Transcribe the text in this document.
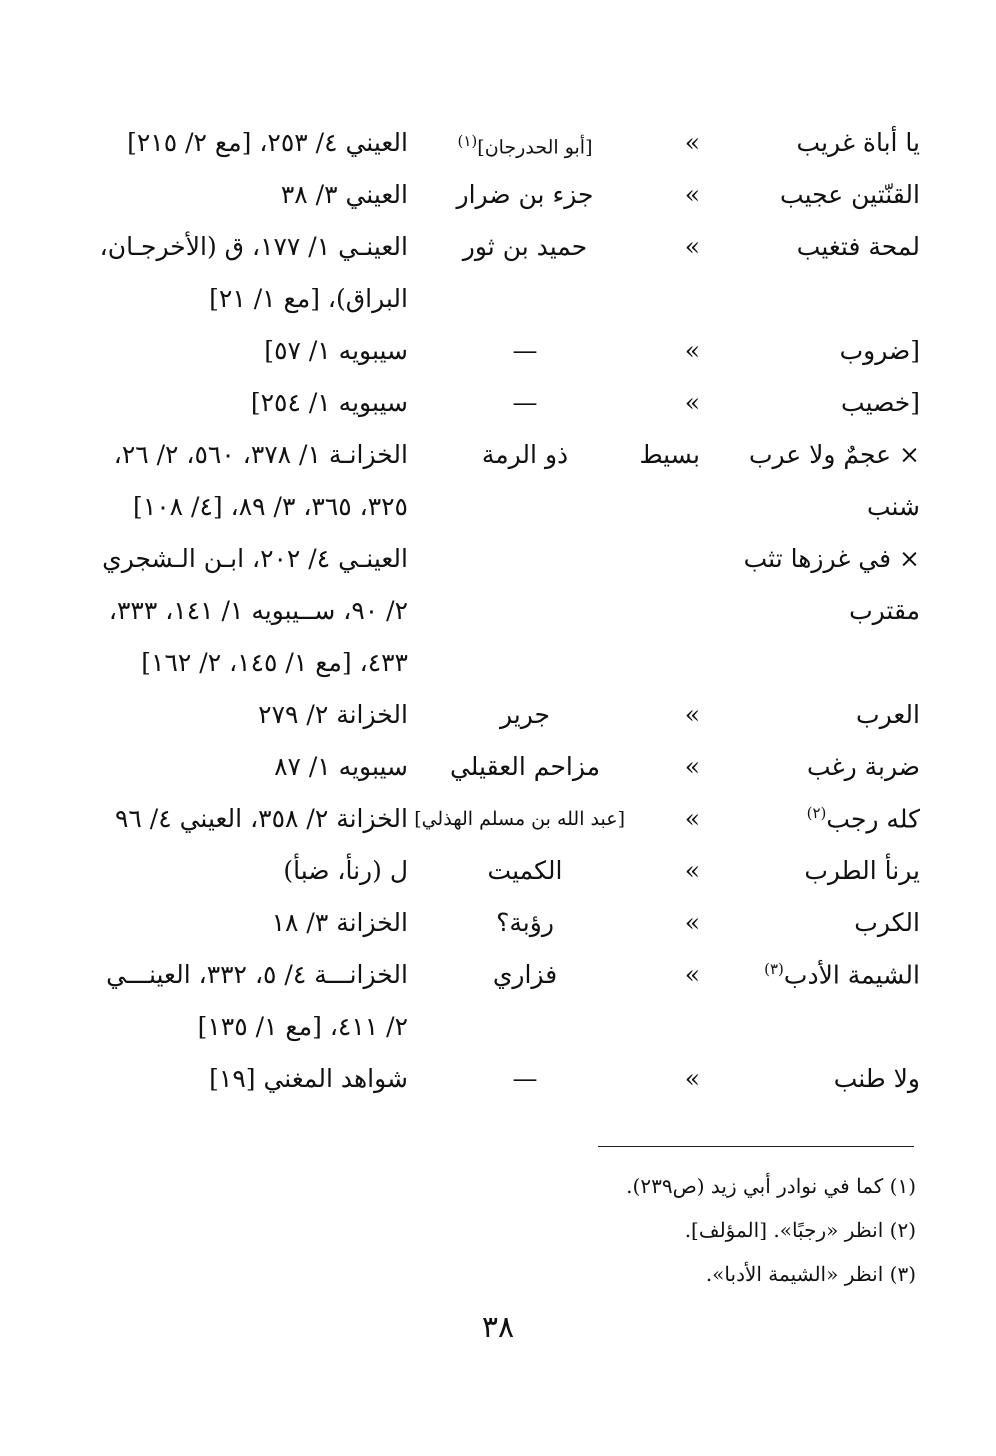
يا أباة غريب
»
[أبو الحدرجان]$^{(١)}$
العيني ٤/ ٢٥٣، [مع ٢/ ٢١٥]
القنّتين عجيب
»
جزء بن ضرار
العيني ٣/ ٣٨
لمحة فتغيب
»
حميد بن ثور
العينـي ١/ ١٧٧، ق (الأخرجـان،
البراق)، [مع ١/ ٢١]
[ضروب
»
—
سيبويه ١/ ٥٧]
[خصيب
»
—
سيبويه ١/ ٢٥٤]
× عجمٌ ولا عرب
بسيط
ذو الرمة
الخزانـة ١/ ٣٧٨، ٥٦٠، ٢/ ٢٦،
شنب
٣٢٥، ٣٦٥، ٣/ ٨٩، [٤/ ١٠٨]
× في غرزها تثب
العينـي ٤/ ٢٠٢، ابـن الـشجري
مقترب
٢/ ٩٠، ســيبويه ١/ ١٤١، ٣٣٣،
٤٣٣، [مع ١/ ١٤٥، ٢/ ١٦٢]
العرب
»
جرير
الخزانة ٢/ ٢٧٩
ضربة رغب
»
مزاحم العقيلي
سيبويه ١/ ٨٧
كله رجب$^{(٢)}$
»
[عبد الله بن مسلم الهذلي]
الخزانة ٢/ ٣٥٨، العيني ٤/ ٩٦
يرنأ الطرب
»
الكميت
ل (رنأ، ضبأ)
الكرب
»
رؤبة؟
الخزانة ٣/ ١٨
الشيمة الأدب$^{(٣)}$
»
فزاري
الخزانـــة ٤/ ٥، ٣٣٢، العينـــي
٢/ ٤١١، [مع ١/ ١٣٥]
ولا طنب
»
—
شواهد المغني [١٩]
(١) كما في نوادر أبي زيد (ص٢٣٩).
(٢) انظر «رجبًا». [المؤلف].
(٣) انظر «الشيمة الأدبا».
٣٨
